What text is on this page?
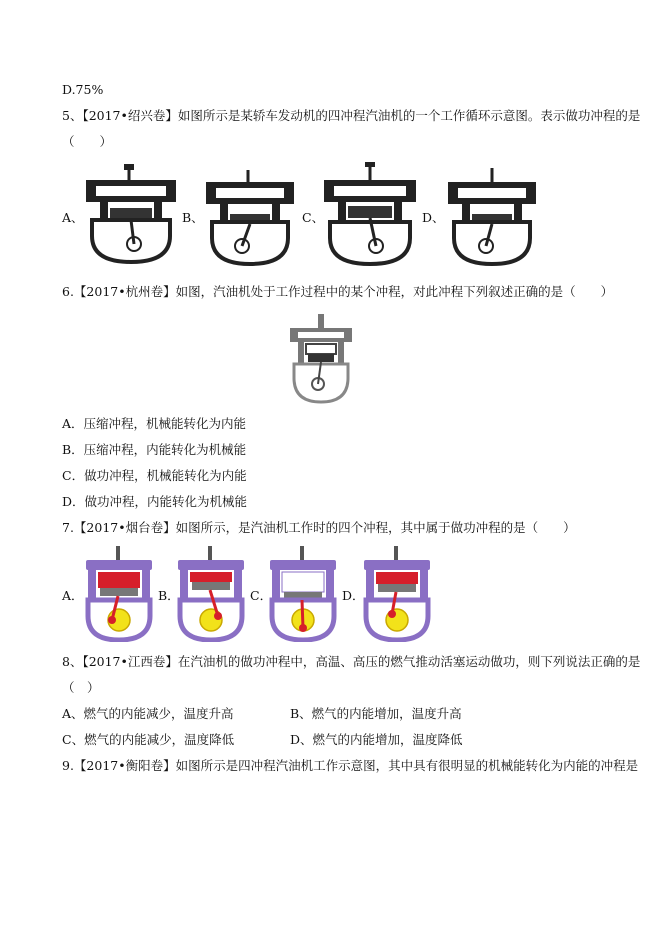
D.75%
5、【2017•绍兴卷】如图所示是某轿车发动机的四冲程汽油机的一个工作循环示意图。表示做功冲程的是
（　　）
A、	B、	C、	D、
6.【2017•杭州卷】如图，汽油机处于工作过程中的某个冲程，对此冲程下列叙述正确的是（　　）
A．压缩冲程，机械能转化为内能
B．压缩冲程，内能转化为机械能
C．做功冲程，机械能转化为内能
D．做功冲程，内能转化为机械能
7.【2017•烟台卷】如图所示，是汽油机工作时的四个冲程，其中属于做功冲程的是（　　）
A．	B．	C．	D．
8、【2017•江西卷】在汽油机的做功冲程中，高温、高压的燃气推动活塞运动做功，则下列说法正确的是
（　）
A、燃气的内能减少，温度升高	B、燃气的内能增加，温度升高
C、燃气的内能减少，温度降低	D、燃气的内能增加，温度降低
9.【2017•衡阳卷】如图所示是四冲程汽油机工作示意图，其中具有很明显的机械能转化为内能的冲程是
